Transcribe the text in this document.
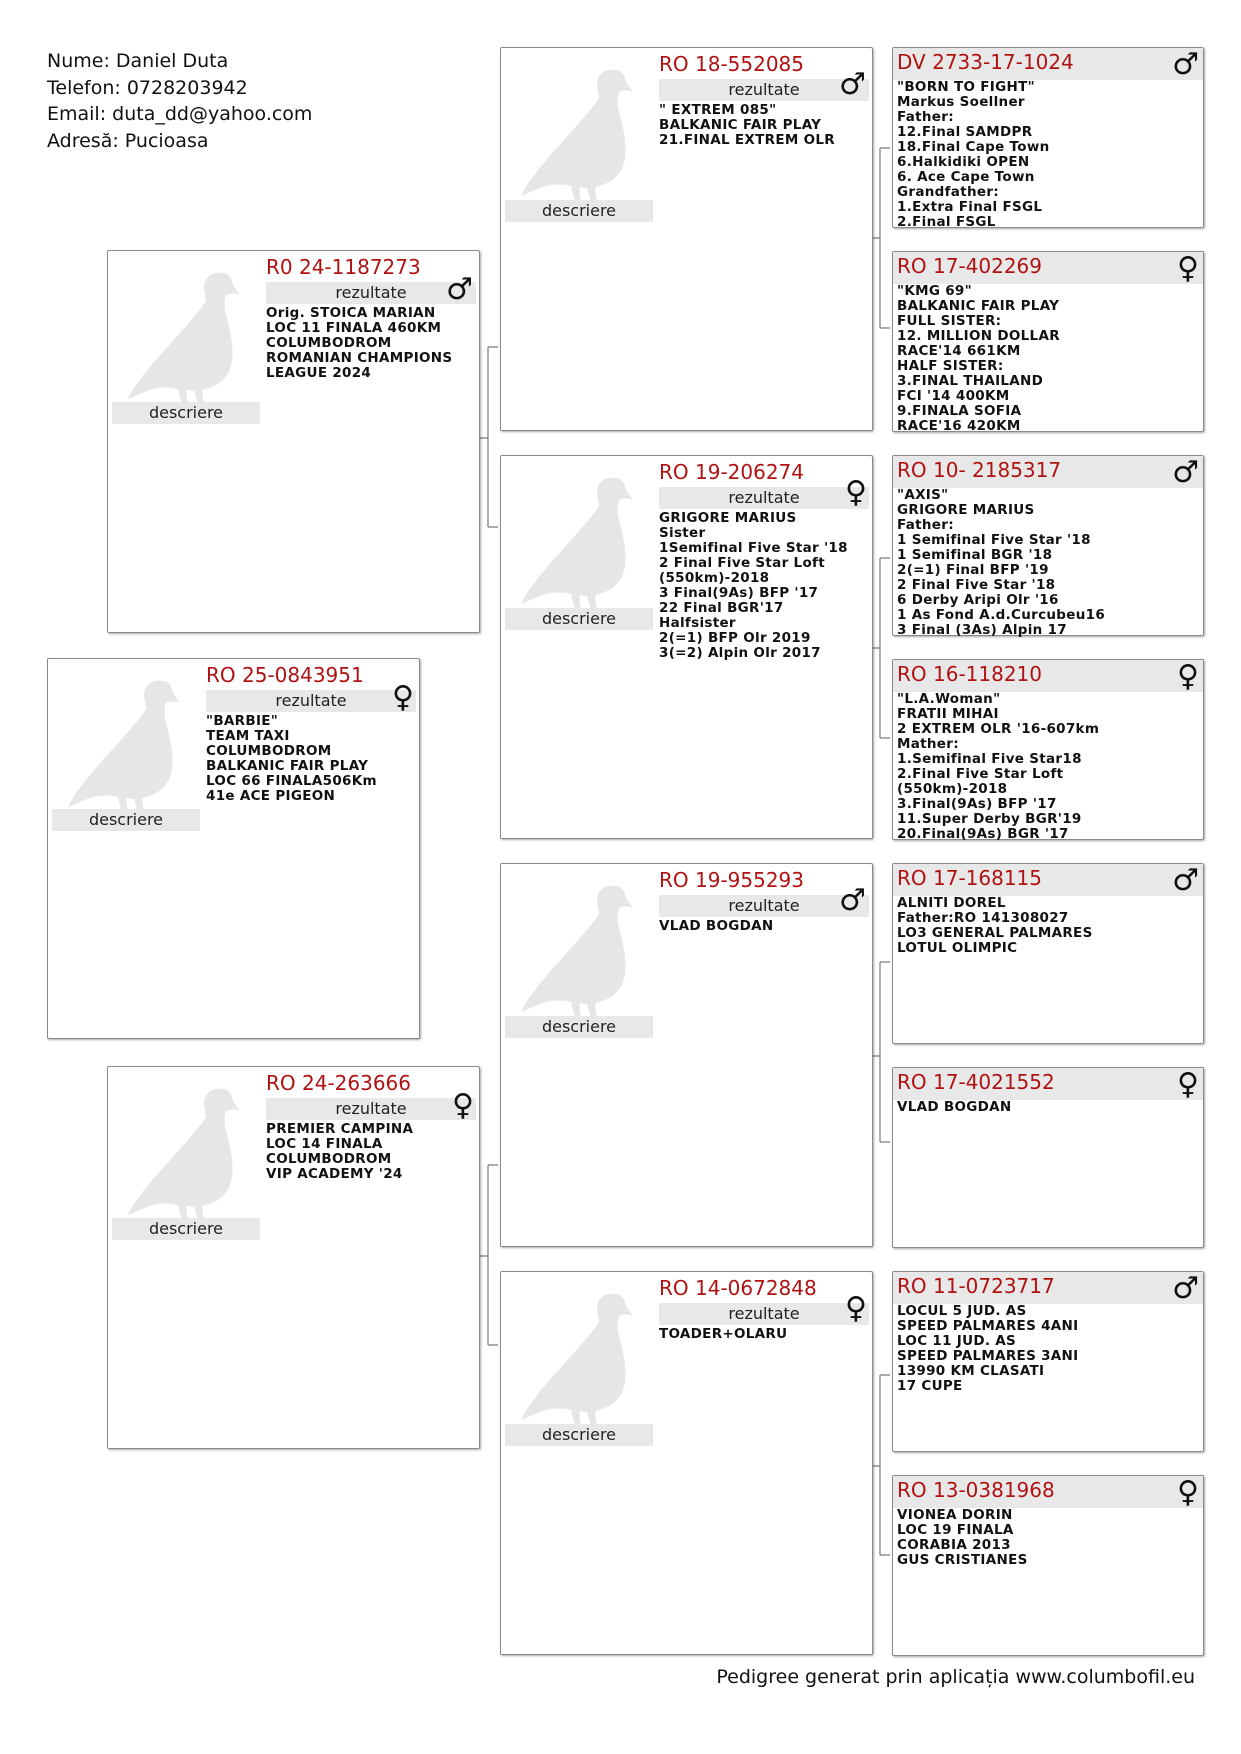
Nume: Daniel Duta
Telefon: 0728203942
Email: duta_dd@yahoo.com
Adresă: Pucioasa
descriere
RO 25-0843951
rezultate	♀
"BARBIE"
TEAM TAXI
COLUMBODROM
BALKANIC FAIR PLAY
LOC 66 FINALA506Km
41e ACE PIGEON
descriere
R0 24-1187273
rezultate	♂
Orig. STOICA MARIAN
LOC 11 FINALA 460KM
COLUMBODROM
ROMANIAN CHAMPIONS
LEAGUE 2024
descriere
RO 24-263666
rezultate	♀
PREMIER CAMPINA
LOC 14 FINALA
COLUMBODROM
VIP ACADEMY '24
descriere
RO 18-552085
rezultate	♂
" EXTREM 085"
BALKANIC FAIR PLAY
21.FINAL EXTREM OLR
descriere
RO 19-206274
rezultate	♀
GRIGORE MARIUS
Sister
1Semifinal Five Star '18
2 Final Five Star Loft
(550km)-2018
3 Final(9As) BFP '17
22 Final BGR'17
Halfsister
2(=1) BFP Olr 2019
3(=2) Alpin Olr 2017
descriere
RO 19-955293
rezultate	♂
VLAD BOGDAN
descriere
RO 14-0672848
rezultate	♀
TOADER+OLARU
DV 2733-17-1024	♂
"BORN TO FIGHT"
Markus Soellner
Father:
12.Final SAMDPR
18.Final Cape Town
6.Halkidiki OPEN
6. Ace Cape Town
Grandfather:
1.Extra Final FSGL
2.Final FSGL
RO 17-402269	♀
"KMG 69"
BALKANIC FAIR PLAY
FULL SISTER:
12. MILLION DOLLAR
RACE'14 661KM
HALF SISTER:
3.FINAL THAILAND
FCI '14 400KM
9.FINALA SOFIA
RACE'16 420KM
RO 10- 2185317	♂
"AXIS"
GRIGORE MARIUS
Father:
1 Semifinal Five Star '18
1 Semifinal BGR '18
2(=1) Final BFP '19
2 Final Five Star '18
6 Derby Aripi Olr '16
1 As Fond A.d.Curcubeu16
3 Final (3As) Alpin 17
RO 16-118210	♀
"L.A.Woman"
FRATII MIHAI
2 EXTREM OLR '16-607km
Mather:
1.Semifinal Five Star18
2.Final Five Star Loft
(550km)-2018
3.Final(9As) BFP '17
11.Super Derby BGR'19
20.Final(9As) BGR '17
RO 17-168115	♂
ALNITI DOREL
Father:RO 141308027
LO3 GENERAL PALMARES
LOTUL OLIMPIC
RO 17-4021552	♀
VLAD BOGDAN
RO 11-0723717	♂
LOCUL 5 JUD. AS
SPEED PALMARES 4ANI
LOC 11 JUD. AS
SPEED PALMARES 3ANI
13990 KM CLASATI
17 CUPE
RO 13-0381968	♀
VIONEA DORIN
LOC 19 FINALA
CORABIA 2013
GUS CRISTIANES
Pedigree generat prin aplicația www.columbofil.eu
